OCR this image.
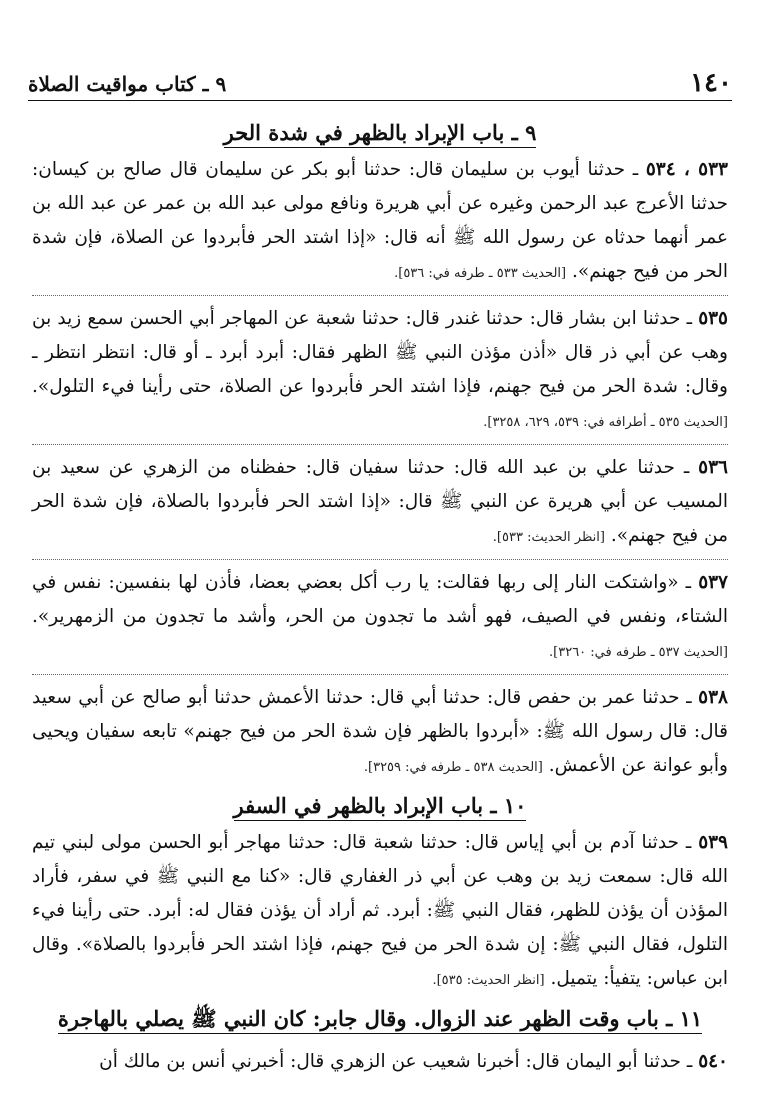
٩ ـ كتاب مواقيت الصلاة	١٤٠
٩ ـ باب الإبراد بالظهر في شدة الحر

٥٣٣ ، ٥٣٤ ـ حدثنا أيوب بن سليمان قال: حدثنا أبو بكر عن سليمان قال صالح بن كيسان: حدثنا الأعرج عبد الرحمن وغيره عن أبي هريرة ونافع مولى عبد الله بن عمر عن عبد الله بن عمر أنهما حدثاه عن رسول الله ﷺ أنه قال: «إذا اشتد الحر فأبردوا عن الصلاة، فإن شدة الحر من فيح جهنم». [الحديث ٥٣٣ ـ طرفه في: ٥٣٦].

٥٣٥ ـ حدثنا ابن بشار قال: حدثنا غندر قال: حدثنا شعبة عن المهاجر أبي الحسن سمع زيد بن وهب عن أبي ذر قال «أذن مؤذن النبي ﷺ الظهر فقال: أبرد أبرد ـ أو قال: انتظر انتظر ـ وقال: شدة الحر من فيح جهنم، فإذا اشتد الحر فأبردوا عن الصلاة، حتى رأينا فيء التلول». [الحديث ٥٣٥ ـ أطرافه في: ٥٣٩، ٦٢٩، ٣٢٥٨].

٥٣٦ ـ حدثنا علي بن عبد الله قال: حدثنا سفيان قال: حفظناه من الزهري عن سعيد بن المسيب عن أبي هريرة عن النبي ﷺ قال: «إذا اشتد الحر فأبردوا بالصلاة، فإن شدة الحر من فيح جهنم». [انظر الحديث: ٥٣٣].

٥٣٧ ـ «واشتكت النار إلى ربها فقالت: يا رب أكل بعضي بعضا، فأذن لها بنفسين: نفس في الشتاء، ونفس في الصيف، فهو أشد ما تجدون من الحر، وأشد ما تجدون من الزمهرير». [الحديث ٥٣٧ ـ طرفه في: ٣٢٦٠].

٥٣٨ ـ حدثنا عمر بن حفص قال: حدثنا أبي قال: حدثنا الأعمش حدثنا أبو صالح عن أبي سعيد قال: قال رسول الله ﷺ: «أبردوا بالظهر فإن شدة الحر من فيح جهنم» تابعه سفيان ويحيى وأبو عوانة عن الأعمش. [الحديث ٥٣٨ ـ طرفه في: ٣٢٥٩].

١٠ ـ باب الإبراد بالظهر في السفر

٥٣٩ ـ حدثنا آدم بن أبي إياس قال: حدثنا شعبة قال: حدثنا مهاجر أبو الحسن مولى لبني تيم الله قال: سمعت زيد بن وهب عن أبي ذر الغفاري قال: «كنا مع النبي ﷺ في سفر، فأراد المؤذن أن يؤذن للظهر، فقال النبي ﷺ: أبرد. ثم أراد أن يؤذن فقال له: أبرد. حتى رأينا فيء التلول، فقال النبي ﷺ: إن شدة الحر من فيح جهنم، فإذا اشتد الحر فأبردوا بالصلاة». وقال ابن عباس: يتفيأ: يتميل. [انظر الحديث: ٥٣٥].

١١ ـ باب وقت الظهر عند الزوال. وقال جابر: كان النبي ﷺ يصلي بالهاجرة

٥٤٠ ـ حدثنا أبو اليمان قال: أخبرنا شعيب عن الزهري قال: أخبرني أنس بن مالك أن
